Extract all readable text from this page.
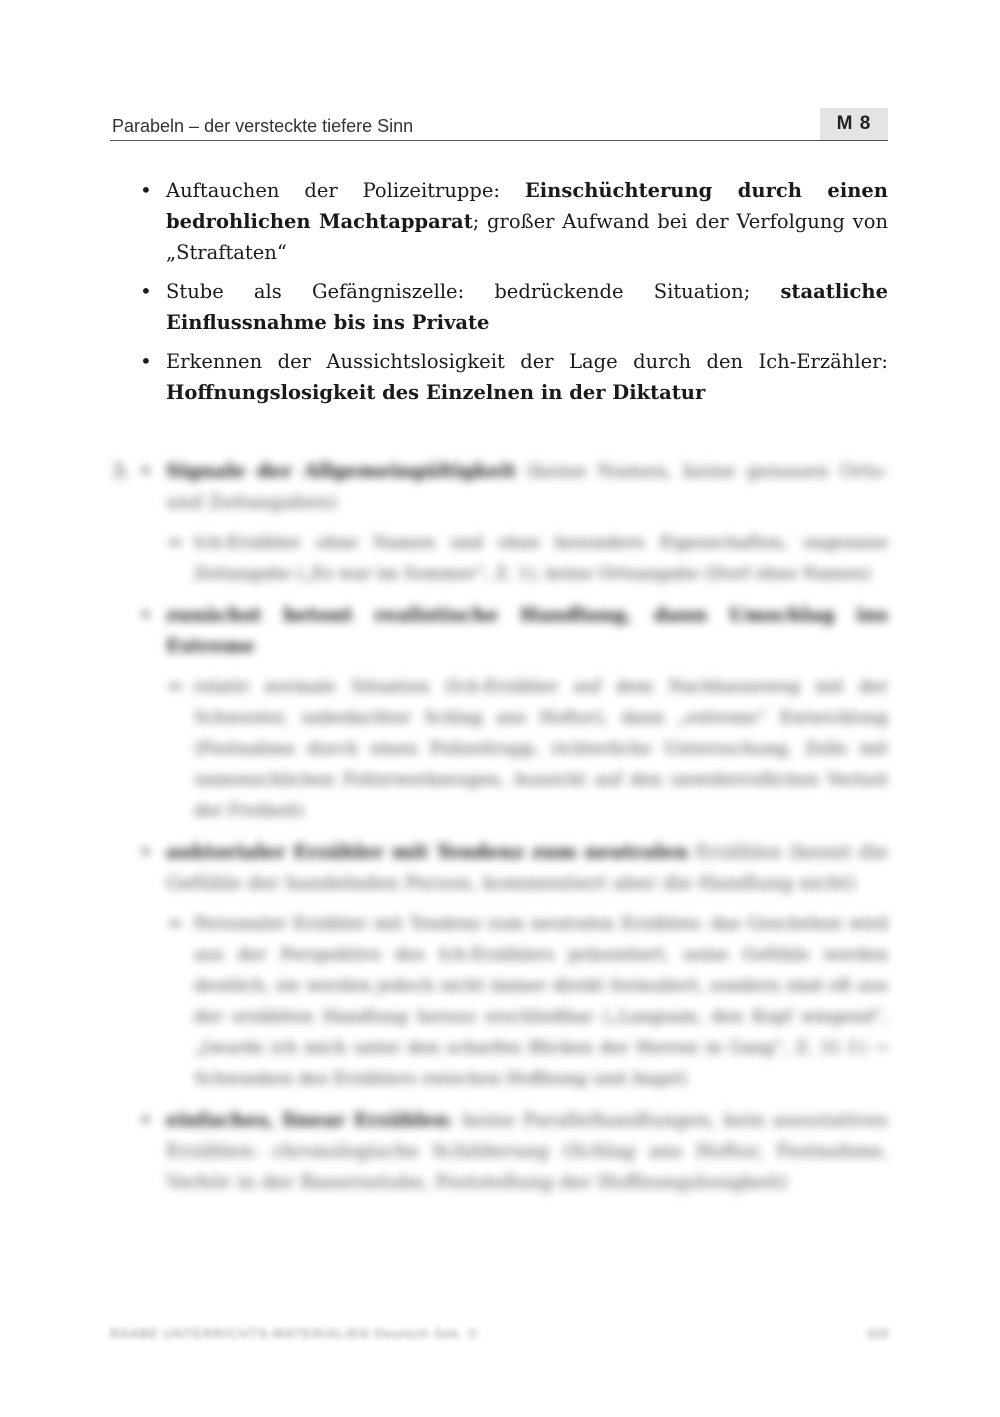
Parabeln – der versteckte tiefere Sinn	M 8
• Auftauchen der Polizeitruppe: Einschüchterung durch einen bedrohlichen Machtapparat; großer Aufwand bei der Verfolgung von „Straftaten“
• Stube als Gefängniszelle: bedrückende Situation; staatliche Einflussnahme bis ins Private
• Erkennen der Aussichtslosigkeit der Lage durch den Ich-Erzähler: Hoffnungslosigkeit des Einzelnen in der Diktatur
3. • Signale der Allgemeingültigkeit (keine Namen, keine genauen Orts- und Zeitangaben)
⇒ Ich-Erzähler ohne Namen und ohne besondere Eigenschaften, ungenaue Zeitangabe („Es war im Sommer“, Z. 1), keine Ortsangabe (Dorf ohne Namen)
• zunächst betont realistische Handlung, dann Umschlag ins Extreme
⇒ relativ normale Situation (Ich-Erzähler auf dem Nachhauseweg mit der Schwester, unbedachter Schlag ans Hoftor), dann „extreme“ Entwicklung (Festnahme durch einen Polizeitrupp, richterliche Untersuchung, Zelle mit unmenschlichen Folterwerkzeugen, Aussicht auf den unwiderruflichen Verlust der Freiheit)
• auktorialer Erzähler mit Tendenz zum neutralen Erzählen (kennt die Gefühle der handelnden Person, kommentiert aber die Handlung nicht)
⇒ Personaler Erzähler mit Tendenz zum neutralen Erzählen: das Geschehen wird aus der Perspektive des Ich-Erzählers präsentiert, seine Gefühle werden deutlich, sie werden jedoch nicht immer direkt formuliert, sondern sind oft aus der erzählten Handlung heraus erschließbar („Langsam, den Kopf wiegend“, „[wurde ich mich unter den scharfen Blicken der Herren in Gang“, Z. 31 f.) → Schwanken des Erzählers zwischen Hoffnung und Angst)
• einfaches, linear Erzählen: keine Parallelhandlungen, kein assoziatives Erzählen: chronologische Schilderung (Schlag ans Hoftor, Festnahme, Verhör in der Bauernstube, Feststellung der Hoffnungslosigkeit)
RAABE UNTERRICHTS-MATERIALIEN Deutsch Sek. II	103
